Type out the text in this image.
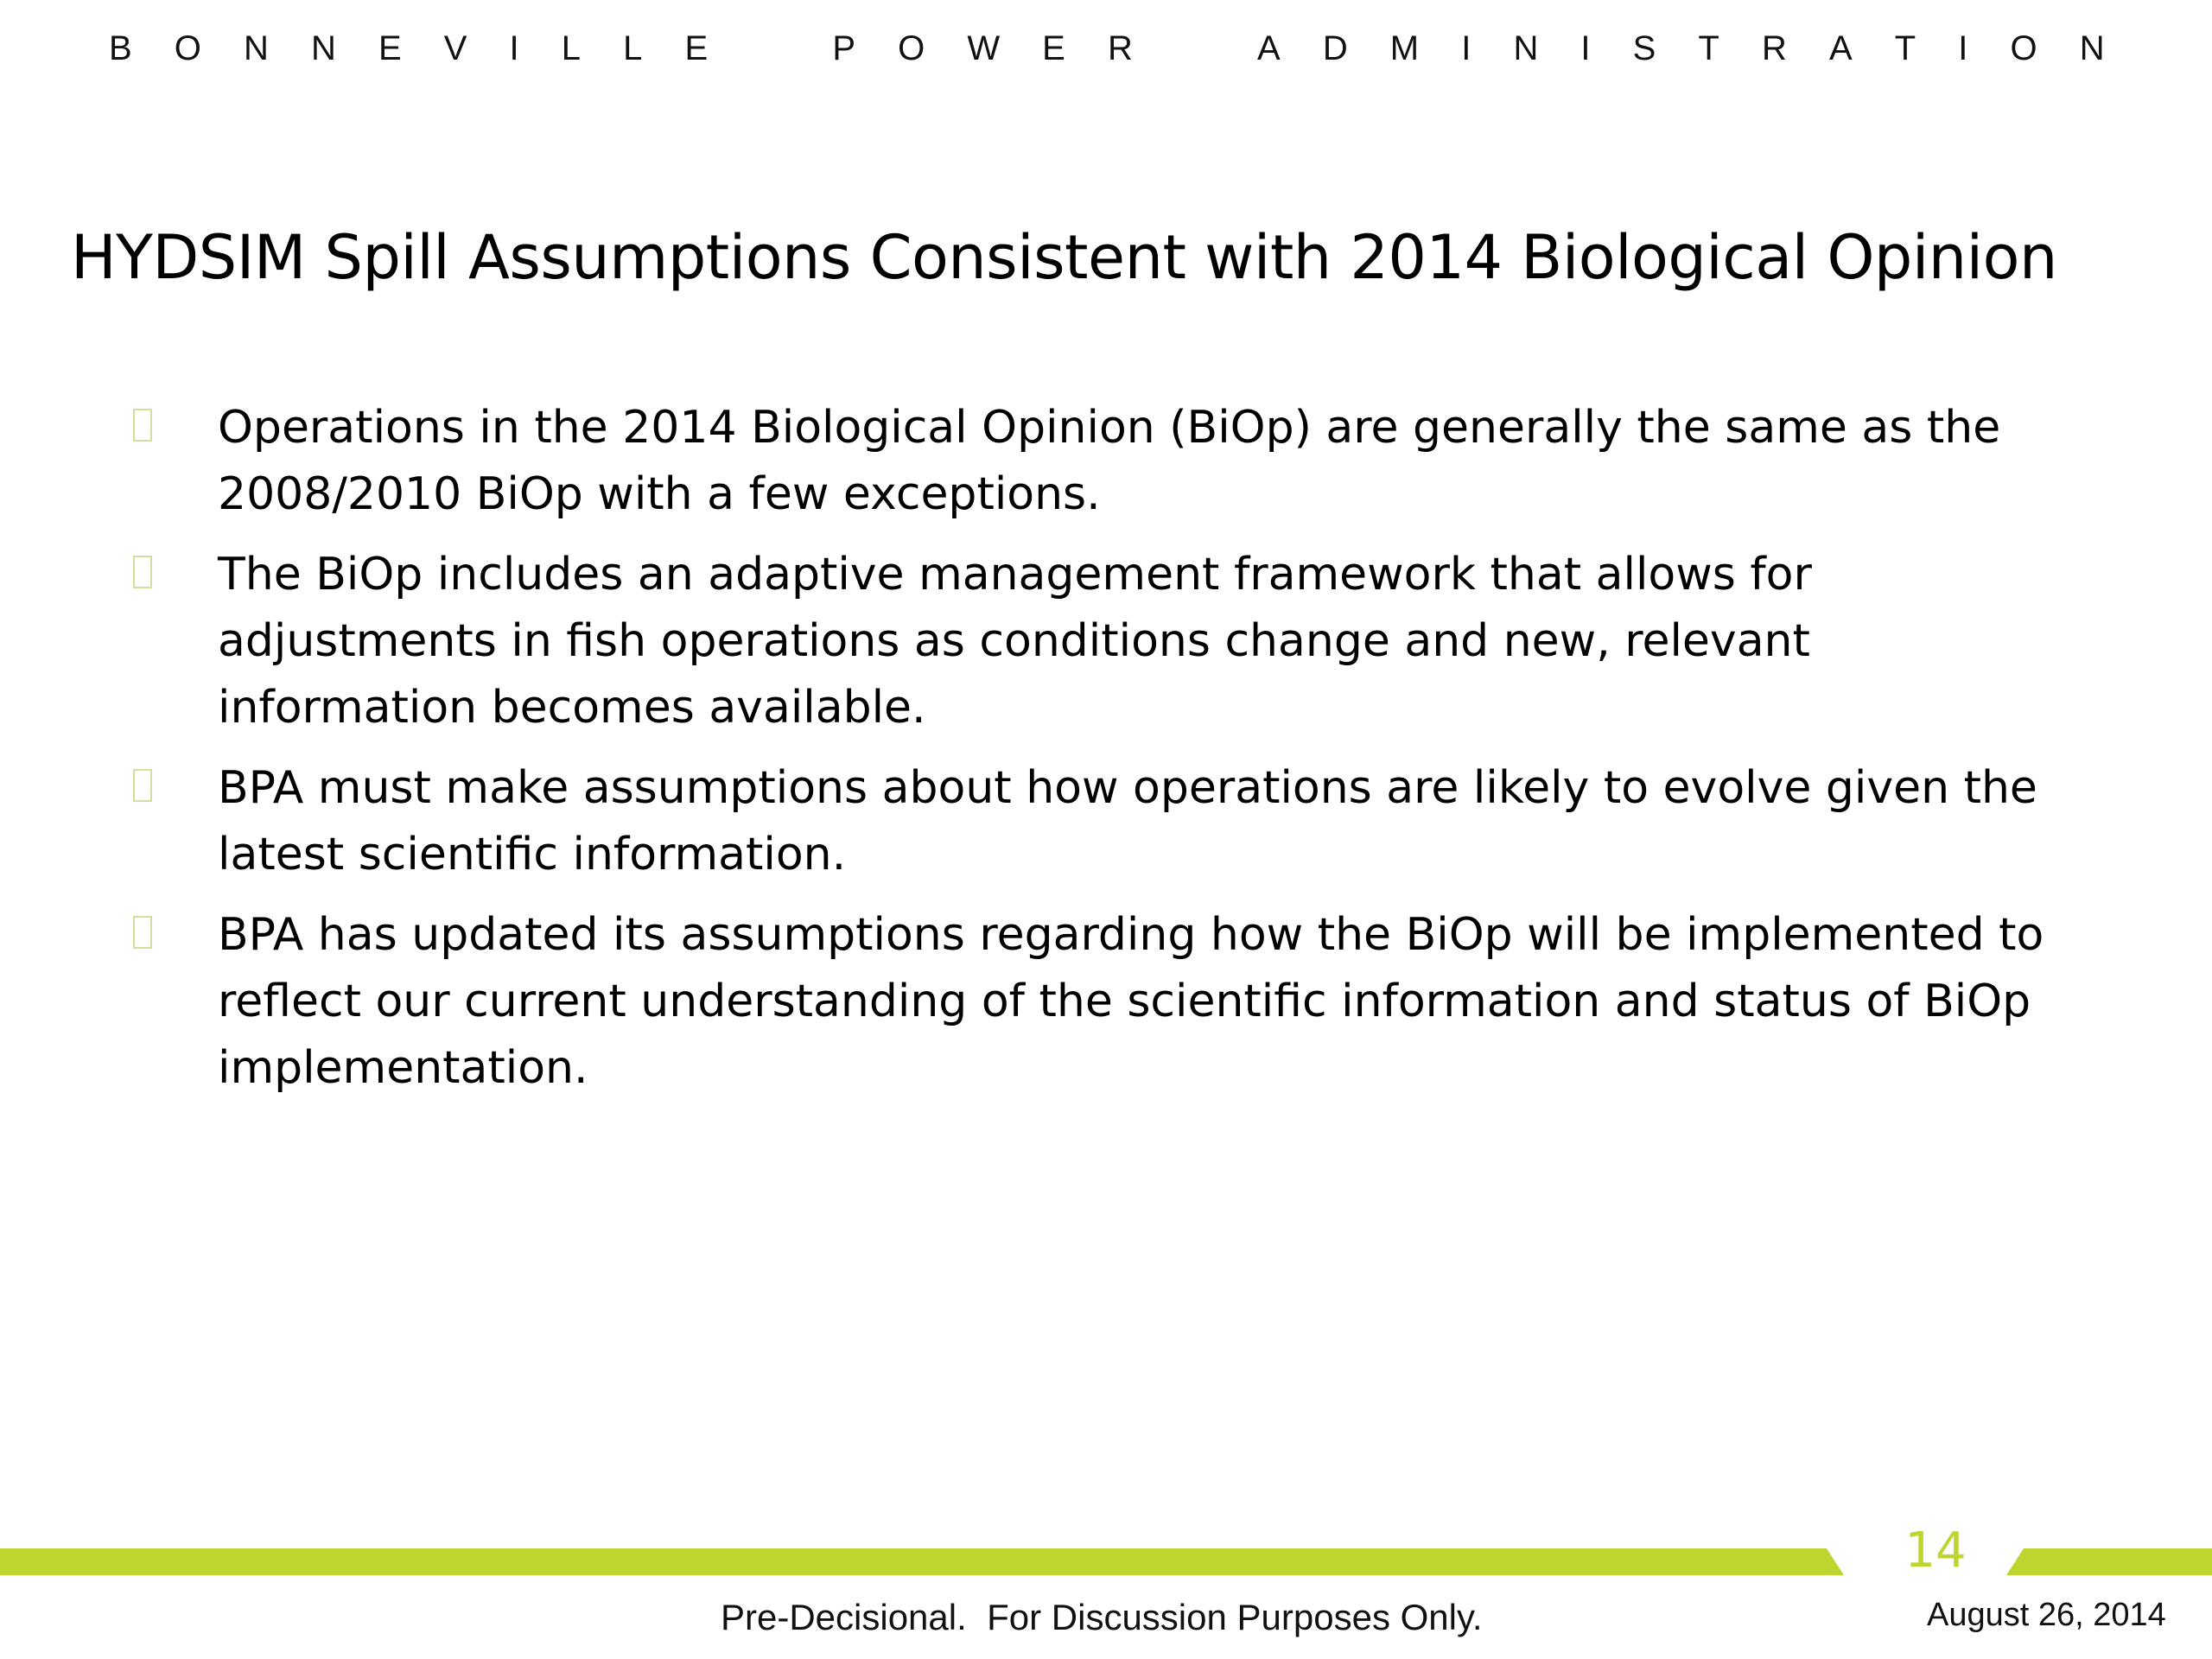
B O N N E V I L L E	P O W E R	A D M I N I S T R A T I O N
HYDSIM Spill Assumptions Consistent with 2014 Biological Opinion
Operations in the 2014 Biological Opinion (BiOp) are generally the same as the 2008/2010 BiOp with a few exceptions.
The BiOp includes an adaptive management framework that allows for adjustments in fish operations as conditions change and new, relevant information becomes available.
BPA must make assumptions about how operations are likely to evolve given the latest scientific information.
BPA has updated its assumptions regarding how the BiOp will be implemented to reflect our current understanding of the scientific information and status of BiOp implementation.
14
Pre-Decisional.  For Discussion Purposes Only.	August 26, 2014
